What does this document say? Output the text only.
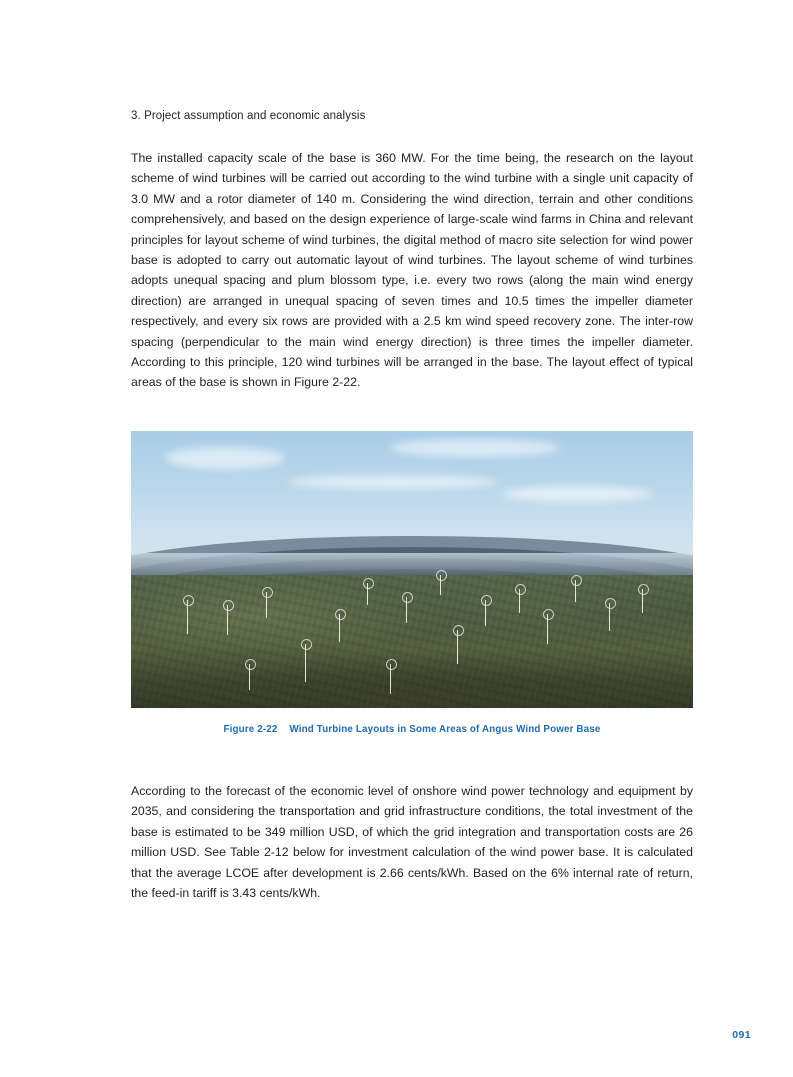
3. Project assumption and economic analysis

The installed capacity scale of the base is 360 MW. For the time being, the research on the layout scheme of wind turbines will be carried out according to the wind turbine with a single unit capacity of 3.0 MW and a rotor diameter of 140 m. Considering the wind direction, terrain and other conditions comprehensively, and based on the design experience of large-scale wind farms in China and relevant principles for layout scheme of wind turbines, the digital method of macro site selection for wind power base is adopted to carry out automatic layout of wind turbines. The layout scheme of wind turbines adopts unequal spacing and plum blossom type, i.e. every two rows (along the main wind energy direction) are arranged in unequal spacing of seven times and 10.5 times the impeller diameter respectively, and every six rows are provided with a 2.5 km wind speed recovery zone. The inter-row spacing (perpendicular to the main wind energy direction) is three times the impeller diameter. According to this principle, 120 wind turbines will be arranged in the base. The layout effect of typical areas of the base is shown in Figure 2-22.

Figure 2-22 Wind Turbine Layouts in Some Areas of Angus Wind Power Base

According to the forecast of the economic level of onshore wind power technology and equipment by 2035, and considering the transportation and grid infrastructure conditions, the total investment of the base is estimated to be 349 million USD, of which the grid integration and transportation costs are 26 million USD. See Table 2-12 below for investment calculation of the wind power base. It is calculated that the average LCOE after development is 2.66 cents/kWh. Based on the 6% internal rate of return, the feed-in tariff is 3.43 cents/kWh.

091
